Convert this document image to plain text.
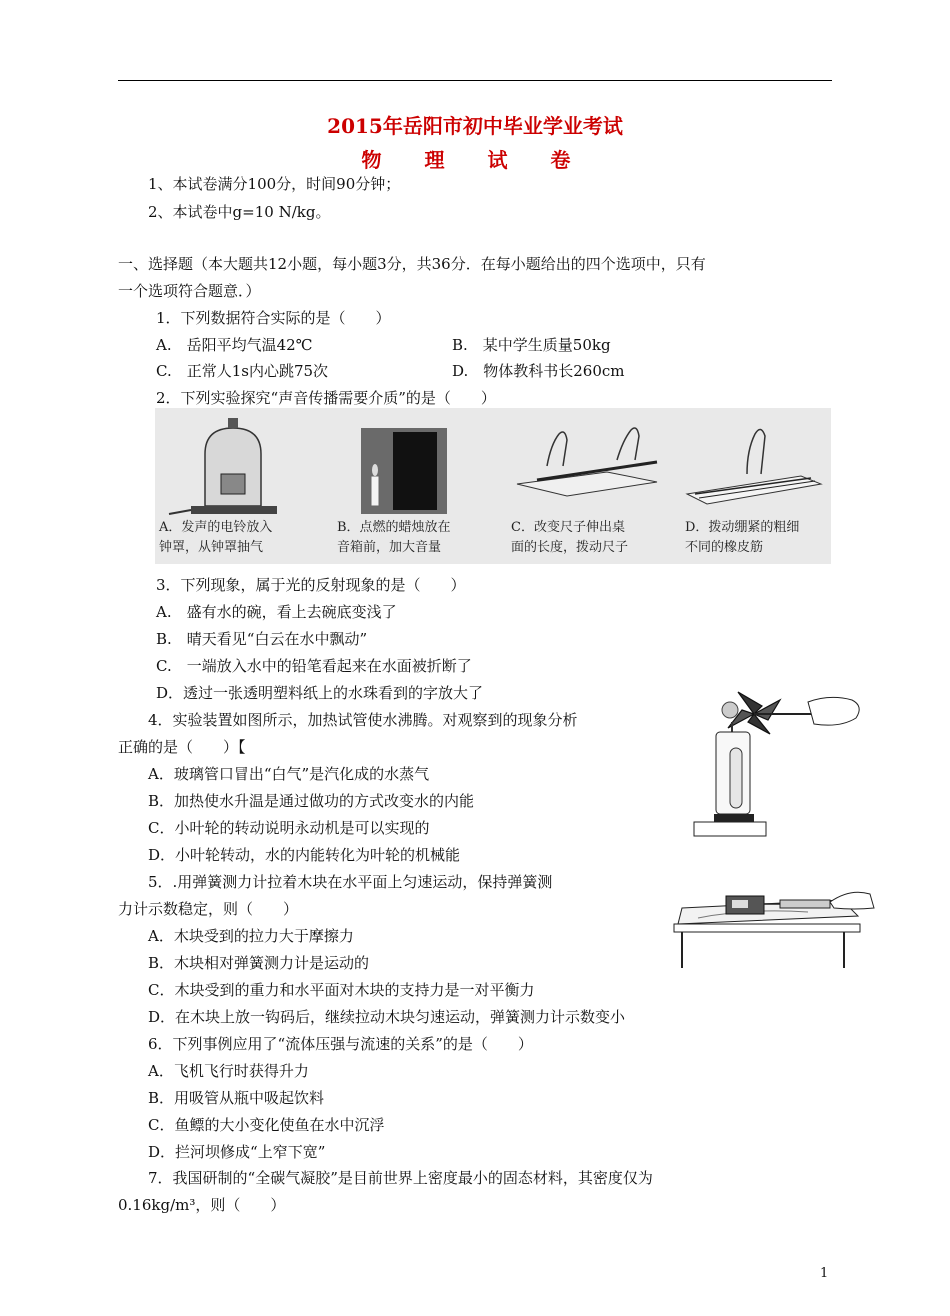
2015年岳阳市初中毕业学业考试
物 理 试 卷
1、本试卷满分100分，时间90分钟；
2、本试卷中g=10 N/kg。
一、选择题（本大题共12小题，每小题3分，共36分．在每小题给出的四个选项中，只有
一个选项符合题意．）
1．下列数据符合实际的是（　　）
A.　岳阳平均气温42℃	B.　某中学生质量50kg
C.　正常人1s内心跳75次	D.　物体教科书长260cm
2．下列实验探究“声音传播需要介质”的是（　　）
A．发声的电铃放入
钟罩，从钟罩抽气
B．点燃的蜡烛放在
音箱前，加大音量
C．改变尺子伸出桌
面的长度，拨动尺子
D．拨动绷紧的粗细
不同的橡皮筋
3．下列现象，属于光的反射现象的是（　　）
A.　盛有水的碗，看上去碗底变浅了
B.　晴天看见“白云在水中飘动”
C.　一端放入水中的铅笔看起来在水面被折断了
D．透过一张透明塑料纸上的水珠看到的字放大了
4．实验装置如图所示，加热试管使水沸腾。对观察到的现象分析
正确的是（　　）【
A．玻璃管口冒出“白气”是汽化成的水蒸气
B．加热使水升温是通过做功的方式改变水的内能
C．小叶轮的转动说明永动机是可以实现的
D．小叶轮转动，水的内能转化为叶轮的机械能
5．.用弹簧测力计拉着木块在水平面上匀速运动，保持弹簧测
力计示数稳定，则（　　）
A．木块受到的拉力大于摩擦力
B．木块相对弹簧测力计是运动的
C．木块受到的重力和水平面对木块的支持力是一对平衡力
D．在木块上放一钩码后，继续拉动木块匀速运动，弹簧测力计示数变小
6．下列事例应用了“流体压强与流速的关系”的是（　　）
A．飞机飞行时获得升力
B．用吸管从瓶中吸起饮料
C．鱼鳔的大小变化使鱼在水中沉浮
D．拦河坝修成“上窄下宽”
7．我国研制的“全碳气凝胶”是目前世界上密度最小的固态材料，其密度仅为
0.16kg/m³，则（　　）
1
